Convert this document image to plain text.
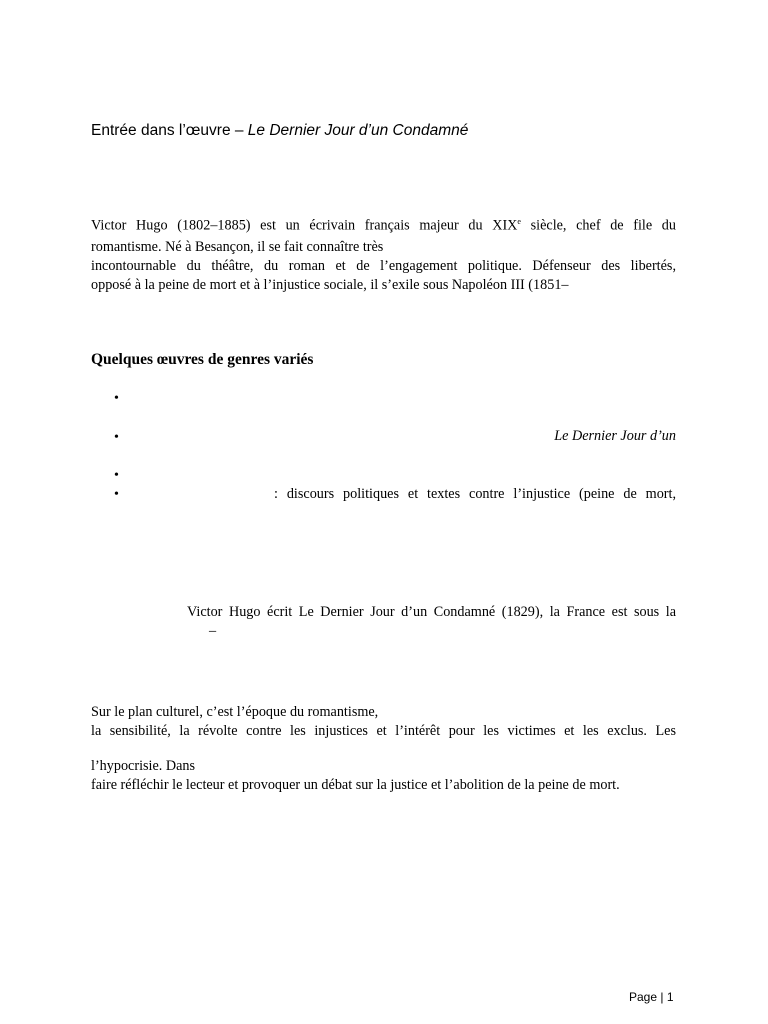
Entrée dans l’œuvre – Le Dernier Jour d’un Condamné
Victor Hugo (1802–1885) est un écrivain français majeur du XIXe siècle, chef de file du
romantisme. Né à Besançon, il se fait connaître très
incontournable du théâtre, du roman et de l’engagement politique. Défenseur des libertés,
opposé à la peine de mort et à l’injustice sociale, il s’exile sous Napoléon III (1851–
Quelques œuvres de genres variés
•
•	Le Dernier Jour d’un
•
•	: discours politiques et textes contre l’injustice (peine de mort,
Victor Hugo écrit Le Dernier Jour d’un Condamné (1829), la France est sous la
–
Sur le plan culturel, c’est l’époque du romantisme,
la sensibilité, la révolte contre les injustices et l’intérêt pour les victimes et les exclus. Les
l’hypocrisie. Dans
faire réfléchir le lecteur et provoquer un débat sur la justice et l’abolition de la peine de mort.
Page | 1
